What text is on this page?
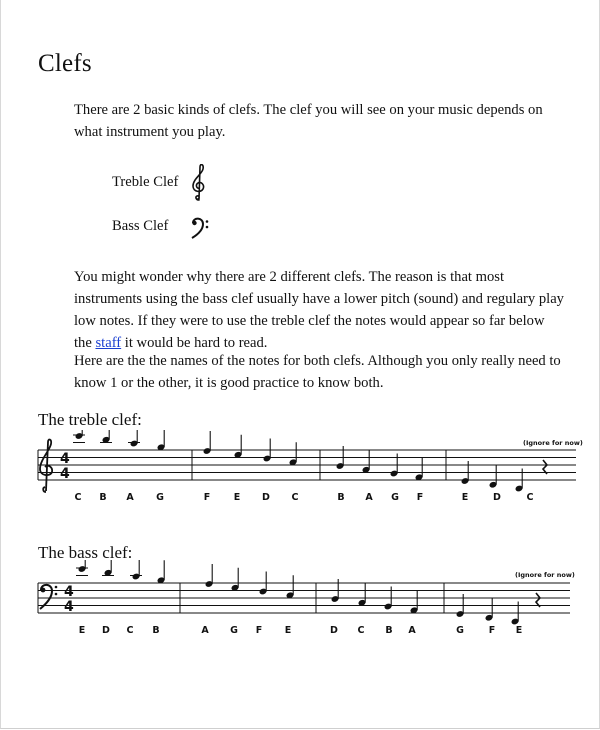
Clefs
There are 2 basic kinds of clefs. The clef you will see on your music depends on what instrument you play.
Treble Clef
Bass Clef
You might wonder why there are 2 different clefs. The reason is that most instruments using the bass clef usually have a lower pitch (sound) and regulary play low notes. If they were to use the treble clef the notes would appear so far below the staff it would be hard to read.
Here are the the names of the notes for both clefs. Although you only really need to know 1 or the other, it is good practice to know both.
The treble clef:
4
4
C B A G	F E D C	B A G F	E	D	C
(Ignore for now)
The bass clef:
4
4
E D C B	A G F E	D C B A	G	F E
(Ignore for now)
